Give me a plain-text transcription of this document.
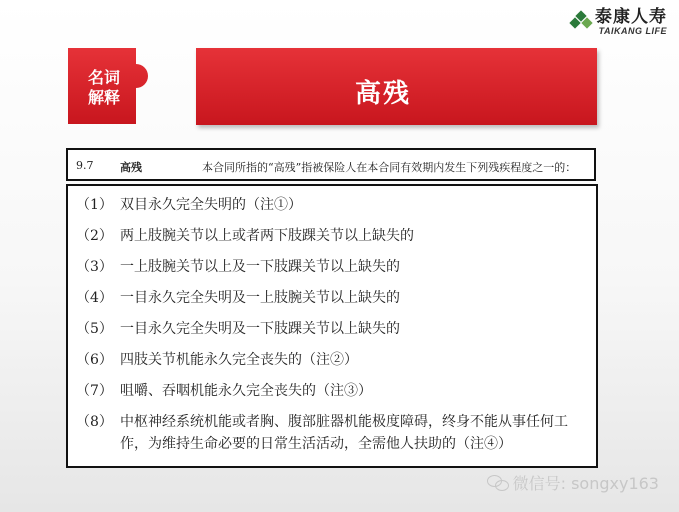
泰康人寿
TAIKANG LIFE
名词
解释	高残
9.7 高残	本合同所指的“高残”指被保险人在本合同有效期内发生下列残疾程度之一的：
（1） 双目永久完全失明的（注①）
（2） 两上肢腕关节以上或者两下肢踝关节以上缺失的
（3） 一上肢腕关节以上及一下肢踝关节以上缺失的
（4） 一目永久完全失明及一上肢腕关节以上缺失的
（5） 一目永久完全失明及一下肢踝关节以上缺失的
（6） 四肢关节机能永久完全丧失的（注②）
（7） 咀嚼、吞咽机能永久完全丧失的（注③）
（8） 中枢神经系统机能或者胸、腹部脏器机能极度障碍，终身不能从事任何工作，为维持生命必要的日常生活活动，全需他人扶助的（注④）
微信号: songxy163
